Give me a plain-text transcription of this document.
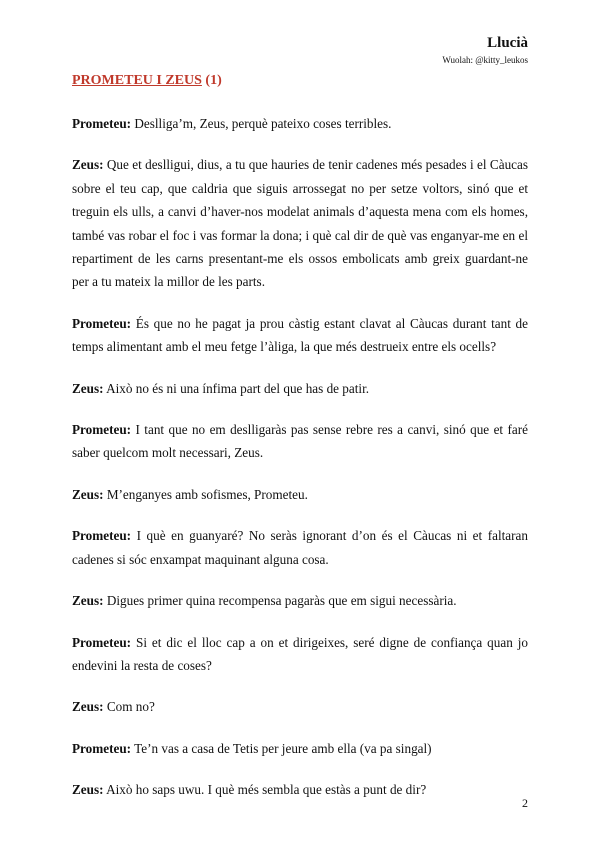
Llucià
Wuolah: @kitty_leukos
PROMETEU I ZEUS (1)

Prometeu: Deslliga’m, Zeus, perquè pateixo coses terribles.

Zeus: Que et deslligui, dius, a tu que hauries de tenir cadenes més pesades i el Càucas sobre el teu cap, que caldria que siguis arrossegat no per setze voltors, sinó que et treguin els ulls, a canvi d’haver-nos modelat animals d’aquesta mena com els homes, també vas robar el foc i vas formar la dona; i què cal dir de què vas enganyar-me en el repartiment de les carns presentant-me els ossos embolicats amb greix guardant-ne per a tu mateix la millor de les parts.

Prometeu: És que no he pagat ja prou càstig estant clavat al Càucas durant tant de temps alimentant amb el meu fetge l’àliga, la que més destrueix entre els ocells?

Zeus: Això no és ni una ínfima part del que has de patir.

Prometeu: I tant que no em deslligaràs pas sense rebre res a canvi, sinó que et faré saber quelcom molt necessari, Zeus.

Zeus: M’enganyes amb sofismes, Prometeu.

Prometeu: I què en guanyaré? No seràs ignorant d’on és el Càucas ni et faltaran cadenes si sóc enxampat maquinant alguna cosa.

Zeus: Digues primer quina recompensa pagaràs que em sigui necessària.

Prometeu: Si et dic el lloc cap a on et dirigeixes, seré digne de confiança quan jo endevini la resta de coses?

Zeus: Com no?

Prometeu: Te’n vas a casa de Tetis per jeure amb ella (va pa singal)

Zeus: Això ho saps uwu. I què més sembla que estàs a punt de dir?

2
